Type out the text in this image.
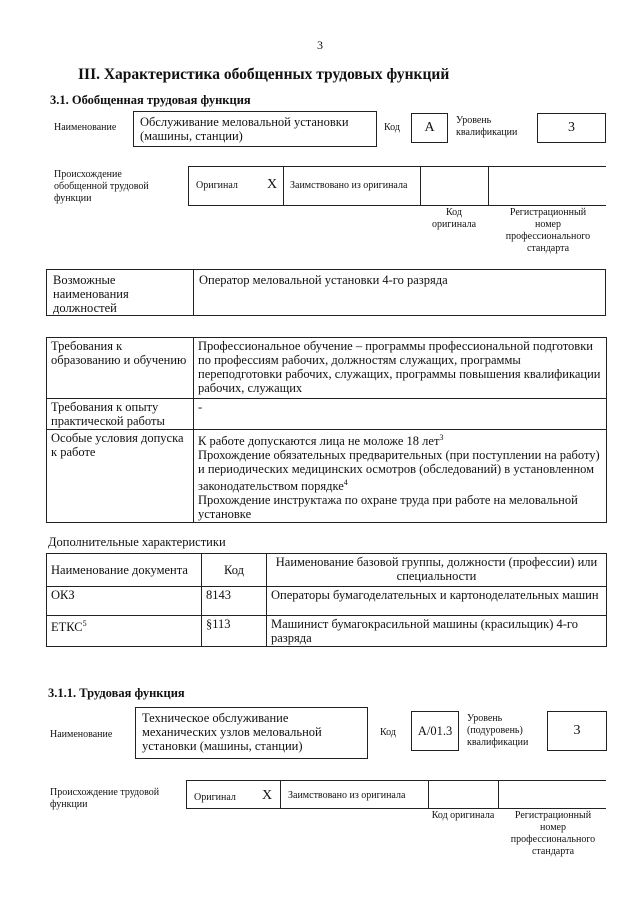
3
III. Характеристика обобщенных трудовых функций
3.1. Обобщенная трудовая функция
Наименование	Обслуживание меловальной установки (машины, станции)
Код А Уровень квалификации	3
Происхождение обобщенной трудовой функции
Оригинал X Заимствовано из оригинала
Код оригинала
Регистрационный номер профессионального стандарта
Возможные наименования должностей
Оператор меловальной установки 4-го разряда
Требования к образованию и обучению	Профессиональное обучение – программы профессиональной подготовки по профессиям рабочих, должностям служащих, программы переподготовки рабочих, служащих, программы повышения квалификации рабочих, служащих
Требования к опыту практической работы	-
Особые условия допуска к работе	К работе допускаются лица не моложе 18 лет$^3$
Прохождение обязательных предварительных (при поступлении на работу) и периодических медицинских осмотров (обследований) в установленном законодательством порядке$^4$
Прохождение инструктажа по охране труда при работе на меловальной установке
Дополнительные характеристики
Наименование документа	Код	Наименование базовой группы, должности (профессии) или специальности
ОКЗ	8143	Операторы бумагоделательных и картоноделательных машин
ЕТКС$^5$	§113	Машинист бумагокрасильной машины (красильщик) 4-го разряда
3.1.1. Трудовая функция
Наименование
Техническое обслуживание механических узлов меловальной установки (машины, станции)
Код А/01.3
Уровень (подуровень) квалификации
3
Происхождение трудовой функции
Оригинал X Заимствовано из оригинала
Код оригинала	Регистрационный номер профессионального стандарта
